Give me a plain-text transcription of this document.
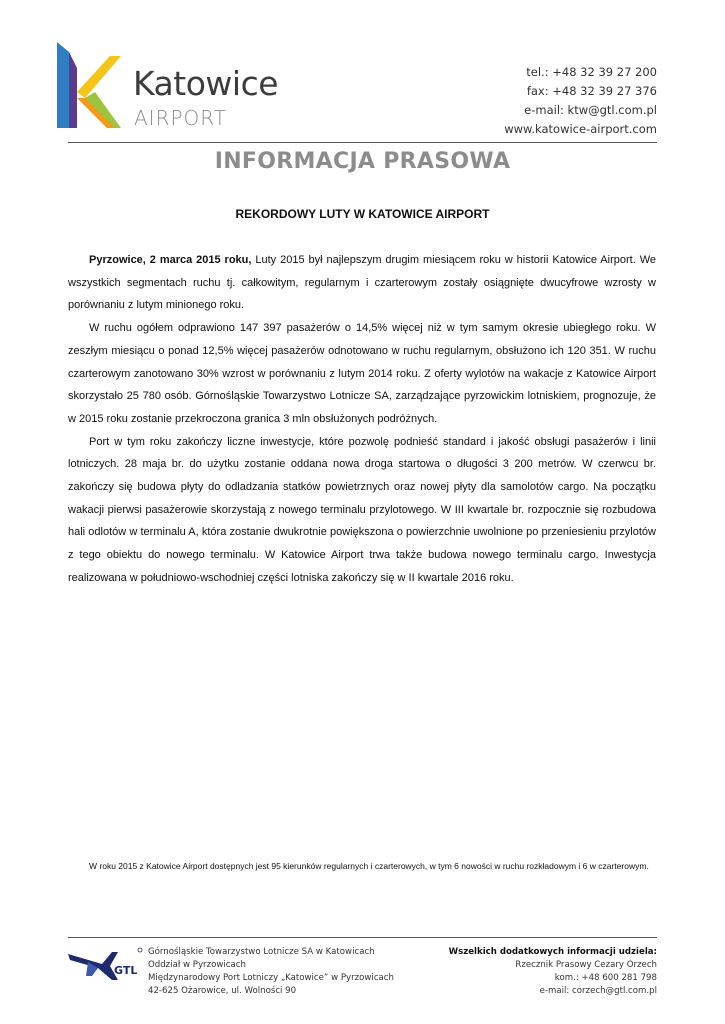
Katowice
AIRPORT
tel.: +48 32 39 27 200
fax: +48 32 39 27 376
e-mail: ktw@gtl.com.pl
www.katowice-airport.com
INFORMACJA PRASOWA
REKORDOWY LUTY W KATOWICE AIRPORT

Pyrzowice, 2 marca 2015 roku, Luty 2015 był najlepszym drugim miesiącem roku w historii Katowice Airport. We wszystkich segmentach ruchu tj. całkowitym, regularnym i czarterowym zostały osiągnięte dwucyfrowe wzrosty w porównaniu z lutym minionego roku.

W ruchu ogółem odprawiono 147 397 pasażerów o 14,5% więcej niż w tym samym okresie ubiegłego roku. W zeszłym miesiącu o ponad 12,5% więcej pasażerów odnotowano w ruchu regularnym, obsłużono ich 120 351. W ruchu czarterowym zanotowano 30% wzrost w porównaniu z lutym 2014 roku. Z oferty wylotów na wakacje z Katowice Airport skorzystało 25 780 osób. Górnośląskie Towarzystwo Lotnicze SA, zarządzające pyrzowickim lotniskiem, prognozuje, że w 2015 roku zostanie przekroczona granica 3 mln obsłużonych podróżnych.

Port w tym roku zakończy liczne inwestycje, które pozwolę podnieść standard i jakość obsługi pasażerów i linii lotniczych. 28 maja br. do użytku zostanie oddana nowa droga startowa o długości 3 200 metrów. W czerwcu br. zakończy się budowa płyty do odladzania statków powietrznych oraz nowej płyty dla samolotów cargo. Na początku wakacji pierwsi pasażerowie skorzystają z nowego terminalu przylotowego. W III kwartale br. rozpocznie się rozbudowa hali odlotów w terminalu A, która zostanie dwukrotnie powiększona o powierzchnie uwolnione po przeniesieniu przylotów z tego obiektu do nowego terminalu. W Katowice Airport trwa także budowa nowego terminalu cargo. Inwestycja realizowana w południowo-wschodniej części lotniska zakończy się w II kwartale 2016 roku.

W roku 2015 z Katowice Airport dostępnych jest 95 kierunków regularnych i czarterowych, w tym 6 nowości w ruchu rozkładowym i 6 w czarterowym.
GTL
Górnośląskie Towarzystwo Lotnicze SA w Katowicach
Oddział w Pyrzowicach
Międzynarodowy Port Lotniczy „Katowice” w Pyrzowicach
42-625 Ożarowice, ul. Wolności 90
Wszelkich dodatkowych informacji udziela:
Rzecznik Prasowy Cezary Orzech
kom.: +48 600 281 798
e-mail: corzech@gtl.com.pl
